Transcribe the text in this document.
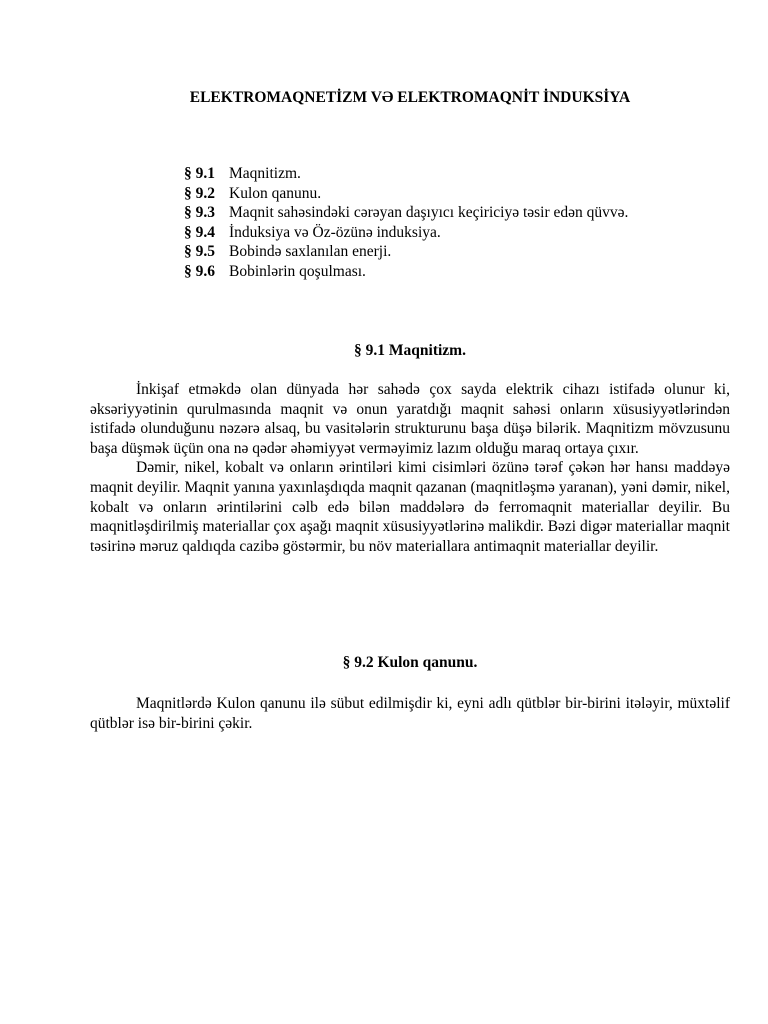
ELEKTROMAQNETİZM VƏ ELEKTROMAQNİT İNDUKSİYA
§ 9.1 Maqnitizm.
§ 9.2 Kulon qanunu.
§ 9.3 Maqnit sahəsindəki cərəyan daşıyıcı keçiriciyə təsir edən qüvvə.
§ 9.4 İnduksiya və Öz-özünə induksiya.
§ 9.5 Bobində saxlanılan enerji.
§ 9.6 Bobinlərin qoşulması.
§ 9.1 Maqnitizm.

İnkişaf etməkdə olan dünyada hər sahədə çox sayda elektrik cihazı istifadə olunur ki, əksəriyyətinin qurulmasında maqnit və onun yaratdığı maqnit sahəsi onların xüsusiyyətlərindən istifadə olunduğunu nəzərə alsaq, bu vasitələrin strukturunu başa düşə bilərik. Maqnitizm mövzusunu başa düşmək üçün ona nə qədər əhəmiyyət verməyimiz lazım olduğu maraq ortaya çıxır.

Dəmir, nikel, kobalt və onların ərintiləri kimi cisimləri özünə tərəf çəkən hər hansı maddəyə maqnit deyilir. Maqnit yanına yaxınlaşdıqda maqnit qazanan (maqnitləşmə yaranan), yəni dəmir, nikel, kobalt və onların ərintilərini cəlb edə bilən maddələrə də ferromaqnit materiallar deyilir. Bu maqnitləşdirilmiş materiallar çox aşağı maqnit xüsusiyyətlərinə malikdir. Bəzi digər materiallar maqnit təsirinə məruz qaldıqda cazibə göstərmir, bu növ materiallara antimaqnit materiallar deyilir.

§ 9.2 Kulon qanunu.

Maqnitlərdə Kulon qanunu ilə sübut edilmişdir ki, eyni adlı qütblər bir-birini itələyir, müxtəlif qütblər isə bir-birini çəkir.
